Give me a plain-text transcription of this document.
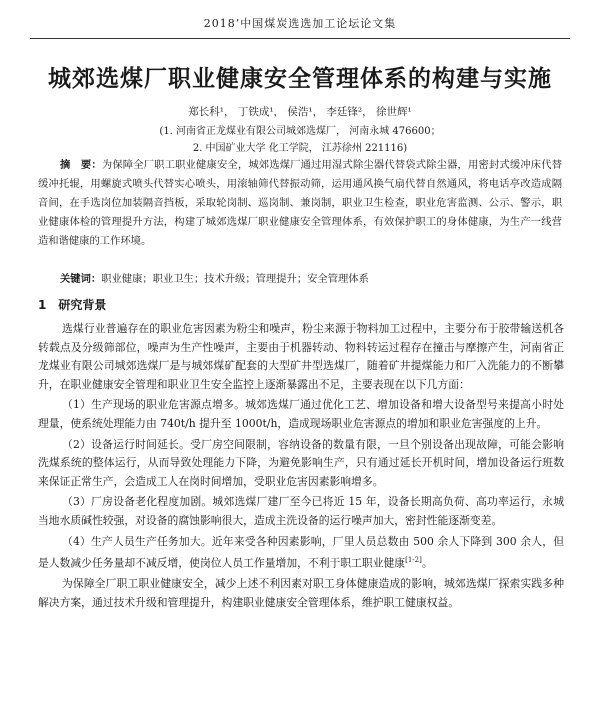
2018’中国煤炭选选加工论坛论文集
城郊选煤厂职业健康安全管理体系的构建与实施
郑长科¹， 丁铁成¹， 侯浩¹， 李廷锋²， 徐世辉¹
(1. 河南省正龙煤业有限公司城郊选煤厂， 河南永城 476600；
2. 中国矿业大学 化工学院， 江苏徐州 221116)
摘　要：为保障全厂职工职业健康安全，城郊选煤厂通过用湿式除尘器代替袋式除尘器，用密封式缓冲床代替缓冲托辊，用螺旋式喷头代替实心喷头，用滚轴筛代替振动筛，运用通风换气扇代替自然通风，将电话亭改造成隔音间，在手选岗位加装隔音挡板，采取轮岗制、巡岗制、兼岗制，职业卫生检查，职业危害监测、公示、警示，职业健康体检的管理提升方法，构建了城郊选煤厂职业健康安全管理体系，有效保护职工的身体健康，为生产一线营造和谐健康的工作环境。
关键词：职业健康；职业卫生；技术升级；管理提升；安全管理体系
1　研究背景

选煤行业普遍存在的职业危害因素为粉尘和噪声，粉尘来源于物料加工过程中，主要分布于胶带输送机各转载点及分级筛部位，噪声为生产性噪声，主要由于机器转动、物料转运过程存在撞击与摩擦产生，河南省正龙煤业有限公司城郊选煤厂是与城郊煤矿配套的大型矿井型选煤厂，随着矿井提煤能力和厂入洗能力的不断攀升，在职业健康安全管理和职业卫生安全监控上逐渐暴露出不足，主要表现在以下几方面：

（1）生产现场的职业危害源点增多。城郊选煤厂通过优化工艺、增加设备和增大设备型号来提高小时处理量，使系统处理能力由 740t/h 提升至 1000t/h，造成现场职业危害源点的增加和职业危害强度的上升。

（2）设备运行时间延长。受厂房空间限制，容纳设备的数量有限，一旦个别设备出现故障，可能会影响洗煤系统的整体运行，从而导致处理能力下降，为避免影响生产，只有通过延长开机时间，增加设备运行班数来保证正常生产，会造成工人在岗时间增加，受职业危害因素影响增多。

（3）厂房设备老化程度加剧。城郊选煤厂建厂至今已将近 15 年，设备长期高负荷、高功率运行，永城当地水质碱性较强，对设备的腐蚀影响很大，造成主洗设备的运行噪声加大，密封性能逐渐变差。

（4）生产人员生产任务加大。近年来受各种因素影响，厂里人员总数由 500 余人下降到 300 余人，但是人数减少任务量却不减反增，使岗位人员工作量增加，不利于职工职业健康[1-2]。

为保障全厂职工职业健康安全，减少上述不利因素对职工身体健康造成的影响，城郊选煤厂探索实践多种解决方案，通过技术升级和管理提升，构建职业健康安全管理体系，维护职工健康权益。
